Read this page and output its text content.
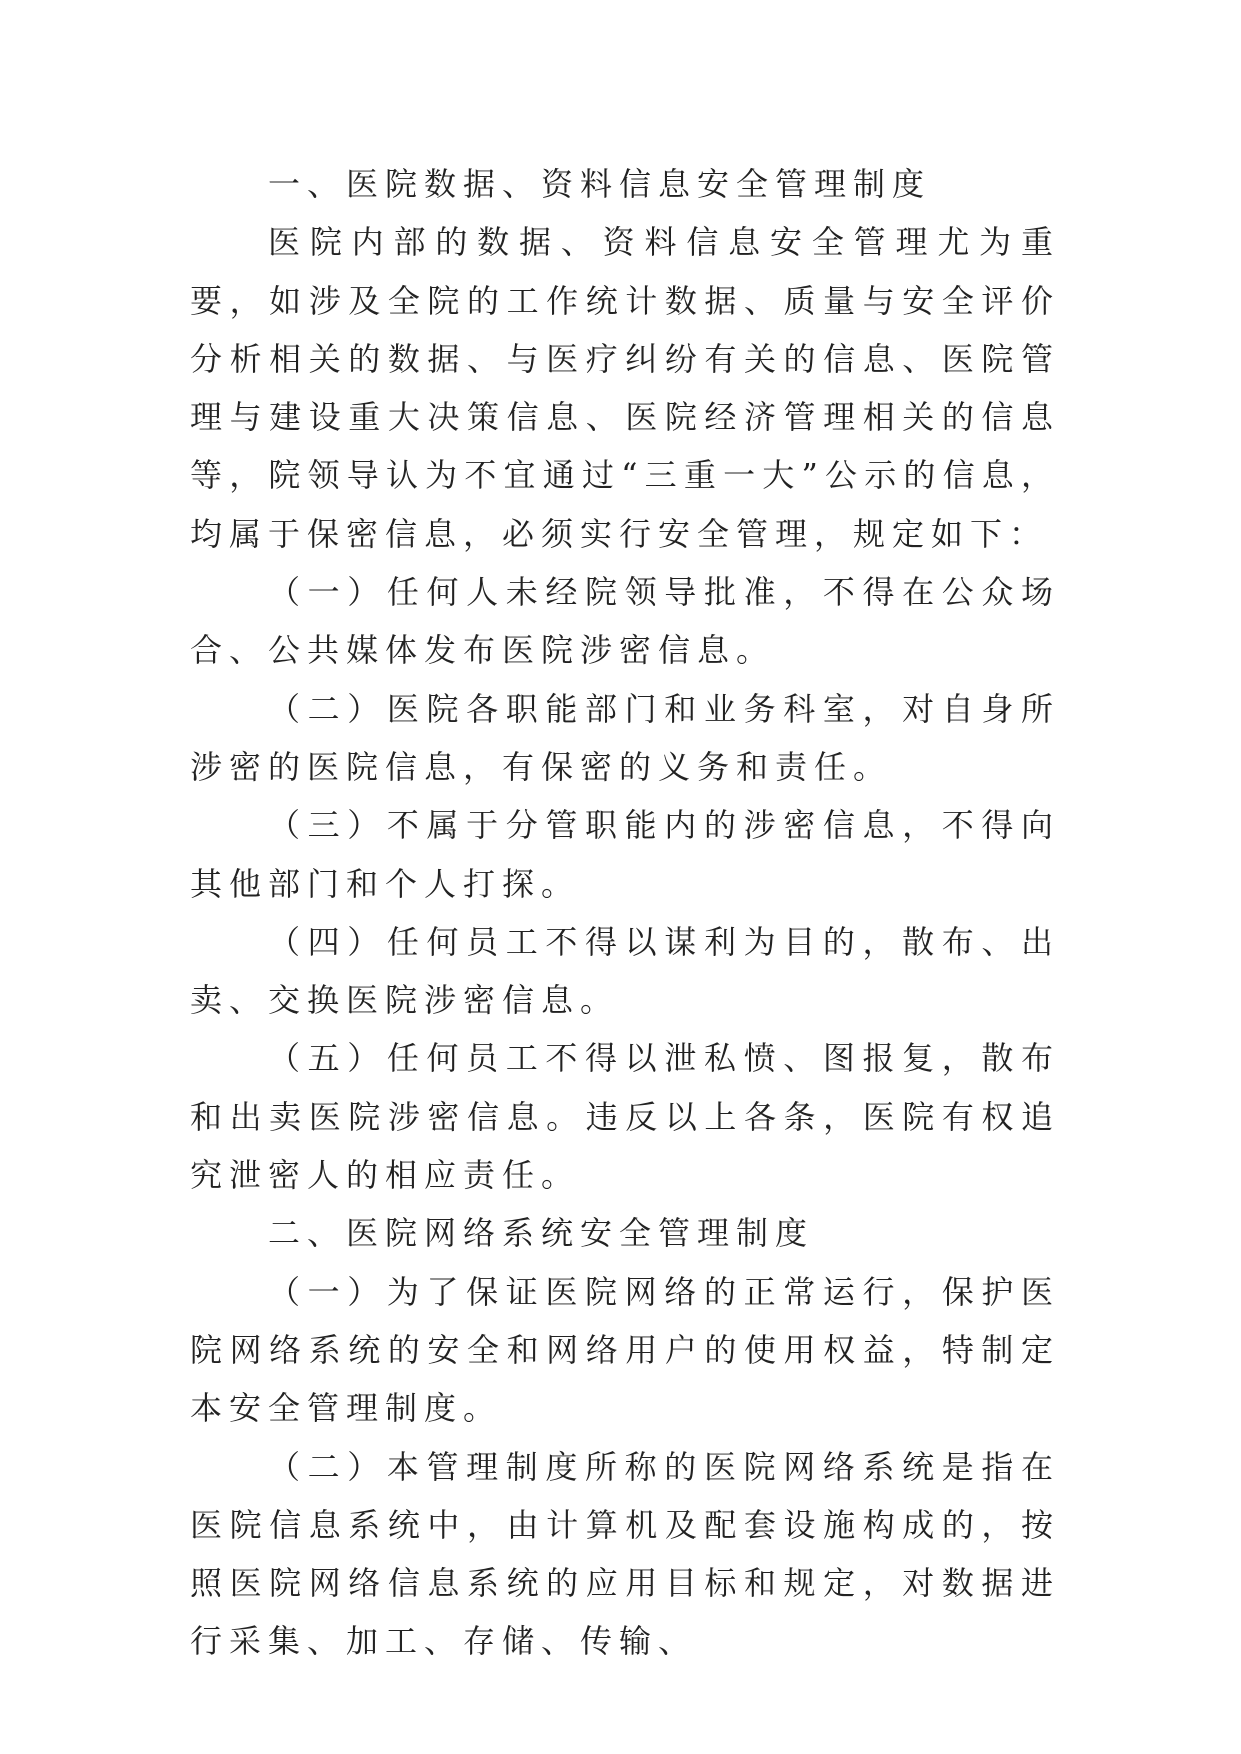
一、医院数据、资料信息安全管理制度

医院内部的数据、资料信息安全管理尤为重要，如涉及全院的工作统计数据、质量与安全评价分析相关的数据、与医疗纠纷有关的信息、医院管理与建设重大决策信息、医院经济管理相关的信息等，院领导认为不宜通过“三重一大”公示的信息，均属于保密信息，必须实行安全管理，规定如下：

（一）任何人未经院领导批准，不得在公众场合、公共媒体发布医院涉密信息。

（二）医院各职能部门和业务科室，对自身所涉密的医院信息，有保密的义务和责任。

（三）不属于分管职能内的涉密信息，不得向其他部门和个人打探。

（四）任何员工不得以谋利为目的，散布、出卖、交换医院涉密信息。

（五）任何员工不得以泄私愤、图报复，散布和出卖医院涉密信息。违反以上各条，医院有权追究泄密人的相应责任。

二、医院网络系统安全管理制度

（一）为了保证医院网络的正常运行，保护医院网络系统的安全和网络用户的使用权益，特制定本安全管理制度。

（二）本管理制度所称的医院网络系统是指在医院信息系统中，由计算机及配套设施构成的，按照医院网络信息系统的应用目标和规定，对数据进行采集、加工、存储、传输、
